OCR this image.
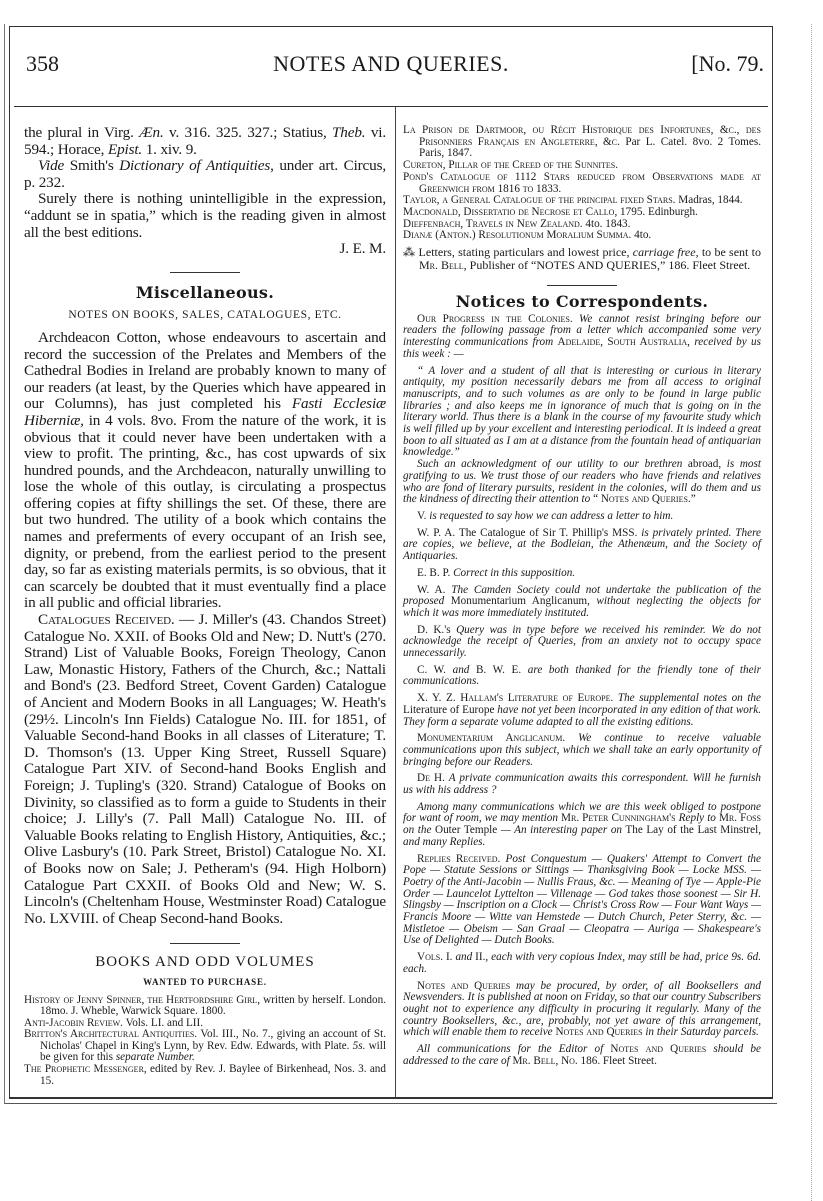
358	NOTES AND QUERIES.	[No. 79.

the plural in Virg. Æn. v. 316. 325. 327.; Statius, Theb. vi. 594.; Horace, Epist. 1. xiv. 9.

Vide Smith's Dictionary of Antiquities, under art. Circus, p. 232.

Surely there is nothing unintelligible in the expression, “addunt se in spatia,” which is the reading given in almost all the best editions.

J. E. M.

Miscellaneous.
NOTES ON BOOKS, SALES, CATALOGUES, ETC.

Archdeacon Cotton, whose endeavours to ascertain and record the succession of the Prelates and Members of the Cathedral Bodies in Ireland are probably known to many of our readers (at least, by the Queries which have appeared in our Columns), has just completed his Fasti Ecclesiæ Hiberniæ, in 4 vols. 8vo. From the nature of the work, it is obvious that it could never have been undertaken with a view to profit. The printing, &c., has cost upwards of six hundred pounds, and the Archdeacon, naturally unwilling to lose the whole of this outlay, is circulating a prospectus offering copies at fifty shillings the set. Of these, there are but two hundred. The utility of a book which contains the names and preferments of every occupant of an Irish see, dignity, or prebend, from the earliest period to the present day, so far as existing materials permits, is so obvious, that it can scarcely be doubted that it must eventually find a place in all public and official libraries.

Catalogues Received. — J. Miller's (43. Chandos Street) Catalogue No. XXII. of Books Old and New; D. Nutt's (270. Strand) List of Valuable Books, Foreign Theology, Canon Law, Monastic History, Fathers of the Church, &c.; Nattali and Bond's (23. Bedford Street, Covent Garden) Catalogue of Ancient and Modern Books in all Languages; W. Heath's (29½. Lincoln's Inn Fields) Catalogue No. III. for 1851, of Valuable Second-hand Books in all classes of Literature; T. D. Thomson's (13. Upper King Street, Russell Square) Catalogue Part XIV. of Second-hand Books English and Foreign; J. Tupling's (320. Strand) Catalogue of Books on Divinity, so classified as to form a guide to Students in their choice; J. Lilly's (7. Pall Mall) Catalogue No. III. of Valuable Books relating to English History, Antiquities, &c.; Olive Lasbury's (10. Park Street, Bristol) Catalogue No. XI. of Books now on Sale; J. Petheram's (94. High Holborn) Catalogue Part CXXII. of Books Old and New; W. S. Lincoln's (Cheltenham House, Westminster Road) Catalogue No. LXVIII. of Cheap Second-hand Books.

BOOKS AND ODD VOLUMES
WANTED TO PURCHASE.

History of Jenny Spinner, the Hertfordshire Girl, written by herself. London. 18mo. J. Wheble, Warwick Square. 1800.

Anti-Jacobin Review. Vols. LI. and LII.

Britton's Architectural Antiquities. Vol. III., No. 7., giving an account of St. Nicholas' Chapel in King's Lynn, by Rev. Edw. Edwards, with Plate. 5s. will be given for this separate Number.

The Prophetic Messenger, edited by Rev. J. Baylee of Birkenhead, Nos. 3. and 15.

La Prison de Dartmoor, ou Récit Historique des Infortunes, &c., des Prisonniers Français en Angleterre, &c. Par L. Catel. 8vo. 2 Tomes. Paris, 1847.

Cureton, Pillar of the Creed of the Sunnites.

Pond's Catalogue of 1112 Stars reduced from Observations made at Greenwich from 1816 to 1833.

Taylor, a General Catalogue of the principal fixed Stars. Madras, 1844.

Macdonald, Dissertatio de Necrose et Callo, 1795. Edinburgh.

Dieffenbach, Travels in New Zealand. 4to. 1843.

Dianæ (Anton.) Resolutionum Moralium Summa. 4to.

⁂ Letters, stating particulars and lowest price, carriage free, to be sent to Mr. Bell, Publisher of “NOTES AND QUERIES,” 186. Fleet Street.

Notices to Correspondents.

Our Progress in the Colonies. We cannot resist bringing before our readers the following passage from a letter which accompanied some very interesting communications from Adelaide, South Australia, received by us this week : —

“ A lover and a student of all that is interesting or curious in literary antiquity, my position necessarily debars me from all access to original manuscripts, and to such volumes as are only to be found in large public libraries ; and also keeps me in ignorance of much that is going on in the literary world. Thus there is a blank in the course of my favourite study which is well filled up by your excellent and interesting periodical. It is indeed a great boon to all situated as I am at a distance from the fountain head of antiquarian knowledge.”

Such an acknowledgment of our utility to our brethren abroad, is most gratifying to us. We trust those of our readers who have friends and relatives who are fond of literary pursuits, resident in the colonies, will do them and us the kindness of directing their attention to “ Notes and Queries.”

V. is requested to say how we can address a letter to him.

W. P. A. The Catalogue of Sir T. Phillip's MSS. is privately printed. There are copies, we believe, at the Bodleian, the Athenæum, and the Society of Antiquaries.

E. B. P. Correct in this supposition.

W. A. The Camden Society could not undertake the publication of the proposed Monumentarium Anglicanum, without neglecting the objects for which it was more immediately instituted.

D. K.'s Query was in type before we received his reminder. We do not acknowledge the receipt of Queries, from an anxiety not to occupy space unnecessarily.

C. W. and B. W. E. are both thanked for the friendly tone of their communications.

X. Y. Z. Hallam's Literature of Europe. The supplemental notes on the Literature of Europe have not yet been incorporated in any edition of that work. They form a separate volume adapted to all the existing editions.

Monumentarium Anglicanum. We continue to receive valuable communications upon this subject, which we shall take an early opportunity of bringing before our Readers.

De H. A private communication awaits this correspondent. Will he furnish us with his address ?

Among many communications which we are this week obliged to postpone for want of room, we may mention Mr. Peter Cunningham's Reply to Mr. Foss on the Outer Temple — An interesting paper on The Lay of the Last Minstrel, and many Replies.

Replies Received. Post Conquestum — Quakers' Attempt to Convert the Pope — Statute Sessions or Sittings — Thanksgiving Book — Locke MSS. — Poetry of the Anti-Jacobin — Nullis Fraus, &c. — Meaning of Tye — Apple-Pie Order — Launcelot Lyttelton — Villenage — God takes those soonest — Sir H. Slingsby — Inscription on a Clock — Christ's Cross Row — Four Want Ways — Francis Moore — Witte van Hemstede — Dutch Church, Peter Sterry, &c. — Mistletoe — Obeism — San Graal — Cleopatra — Auriga — Shakespeare's Use of Delighted — Dutch Books.

Vols. I. and II., each with very copious Index, may still be had, price 9s. 6d. each.

Notes and Queries may be procured, by order, of all Booksellers and Newsvenders. It is published at noon on Friday, so that our country Subscribers ought not to experience any difficulty in procuring it regularly. Many of the country Booksellers, &c., are, probably, not yet aware of this arrangement, which will enable them to receive Notes and Queries in their Saturday parcels.

All communications for the Editor of Notes and Queries should be addressed to the care of Mr. Bell, No. 186. Fleet Street.
